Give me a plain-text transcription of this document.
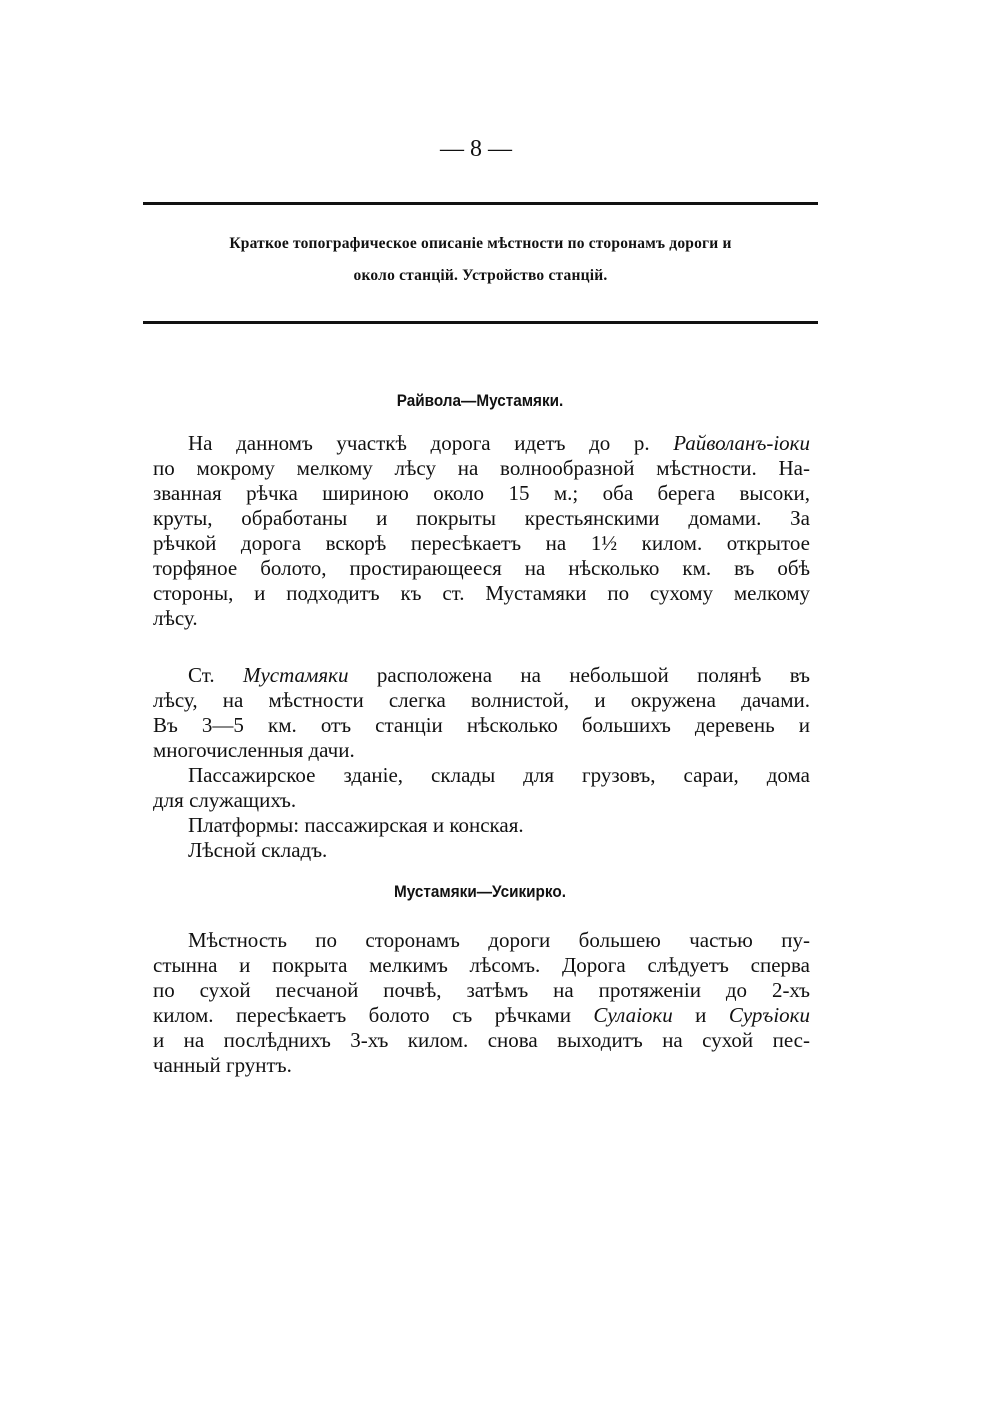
— 8 —
Краткое топографическое описаніе мѣстности по сторонамъ дороги и
около станцій. Устройство станцій.
Райвола—Мустамяки.
Мустамяки—Усикирко.
На данномъ участкѣ дорога идетъ до р. Райволанъ-іоки
по мокрому мелкому лѣсу на волнообразной мѣстности. На-
званная рѣчка шириною около 15 м.; оба берега высоки,
круты, обработаны и покрыты крестьянскими домами. За
рѣчкой дорога вскорѣ пересѣкаетъ на 1½ килом. открытое
торфяное болото, простирающееся на нѣсколько км. въ обѣ
стороны, и подходитъ къ ст. Мустамяки по сухому мелкому
лѣсу.
Ст. Мустамяки расположена на небольшой полянѣ въ
лѣсу, на мѣстности слегка волнистой, и окружена дачами.
Въ 3—5 км. отъ станціи нѣсколько большихъ деревень и
многочисленныя дачи.
Пассажирское зданіе, склады для грузовъ, сараи, дома
для служащихъ.
Платформы: пассажирская и конская.
Лѣсной складъ.
Мѣстность по сторонамъ дороги большею частью пу-
стынна и покрыта мелкимъ лѣсомъ. Дорога слѣдуетъ сперва
по сухой песчаной почвѣ, затѣмъ на протяженіи до 2-хъ
килом. пересѣкаетъ болото съ рѣчками Сулаіоки и Суръіоки
и на послѣднихъ 3-хъ килом. снова выходитъ на сухой пес-
чанный грунтъ.
